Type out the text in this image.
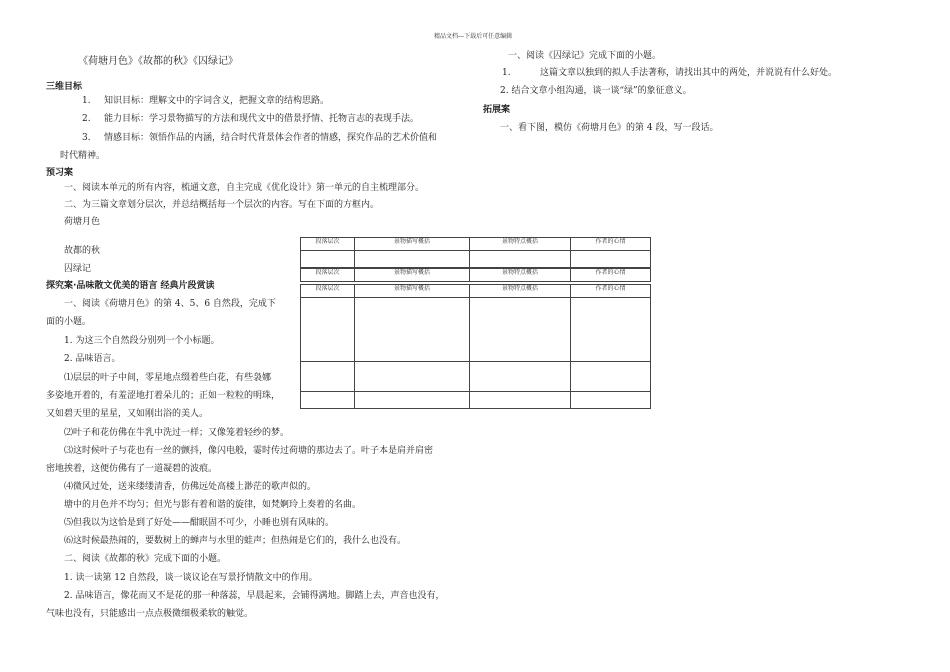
精品文档---下载后可任意编辑
《荷塘月色》《故都的秋》《囚绿记》
三维目标
1. 知识目标：理解文中的字词含义，把握文章的结构思路。
2. 能力目标：学习景物描写的方法和现代文中的借景抒情、托物言志的表现手法。
3. 情感目标：领悟作品的内涵，结合时代背景体会作者的情感，探究作品的艺术价值和
时代精神。
预习案
一、阅读本单元的所有内容，梳通文意，自主完成《优化设计》第一单元的自主梳理部分。
二、为三篇文章划分层次，并总结概括每一个层次的内容。写在下面的方框内。
荷塘月色
故都的秋
囚绿记
探究案·品味散文优美的语言 经典片段赏读
一、阅读《荷塘月色》的第 4、5、6 自然段，完成下
面的小题。
1. 为这三个自然段分别列一个小标题。
2. 品味语言。
⑴层层的叶子中间，零星地点缀着些白花，有些袅娜
多姿地开着的，有羞涩地打着朵儿的；正如一粒粒的明珠，
又如碧天里的星星，又如刚出浴的美人。
⑵叶子和花仿佛在牛乳中洗过一样；又像笼着轻纱的梦。
⑶这时候叶子与花也有一丝的颤抖，像闪电般，霎时传过荷塘的那边去了。叶子本是肩并肩密
密地挨着，这便仿佛有了一道凝碧的波痕。
⑷微风过处，送来缕缕清香，仿佛远处高楼上渺茫的歌声似的。
塘中的月色并不均匀；但光与影有着和谐的旋律，如梵婀玲上奏着的名曲。
⑸但我以为这恰是到了好处——酣眠固不可少，小睡也别有风味的。
⑹这时候最热闹的，要数树上的蝉声与水里的蛙声；但热闹是它们的，我什么也没有。
二、阅读《故都的秋》完成下面的小题。
1. 读一读第 12 自然段，谈一谈议论在写景抒情散文中的作用。
2. 品味语言，像花而又不是花的那一种落蕊，早晨起来，会铺得满地。脚踏上去，声音也没有，
气味也没有，只能感出一点点极微细极柔软的触觉。
一、阅读《囚绿记》完成下面的小题。
1.	这篇文章以独到的拟人手法著称，请找出其中的两处，并说说有什么好处。
2. 结合文章小组沟通，谈一谈“绿”的象征意义。
拓展案
一、看下图，模仿《荷塘月色》的第 4 段，写一段话。
段落层次	景物描写概括	景物特点概括	作者的心情

段落层次	景物描写概括	景物特点概括	作者的心情
段落层次	景物描写概括	景物特点概括	作者的心情
